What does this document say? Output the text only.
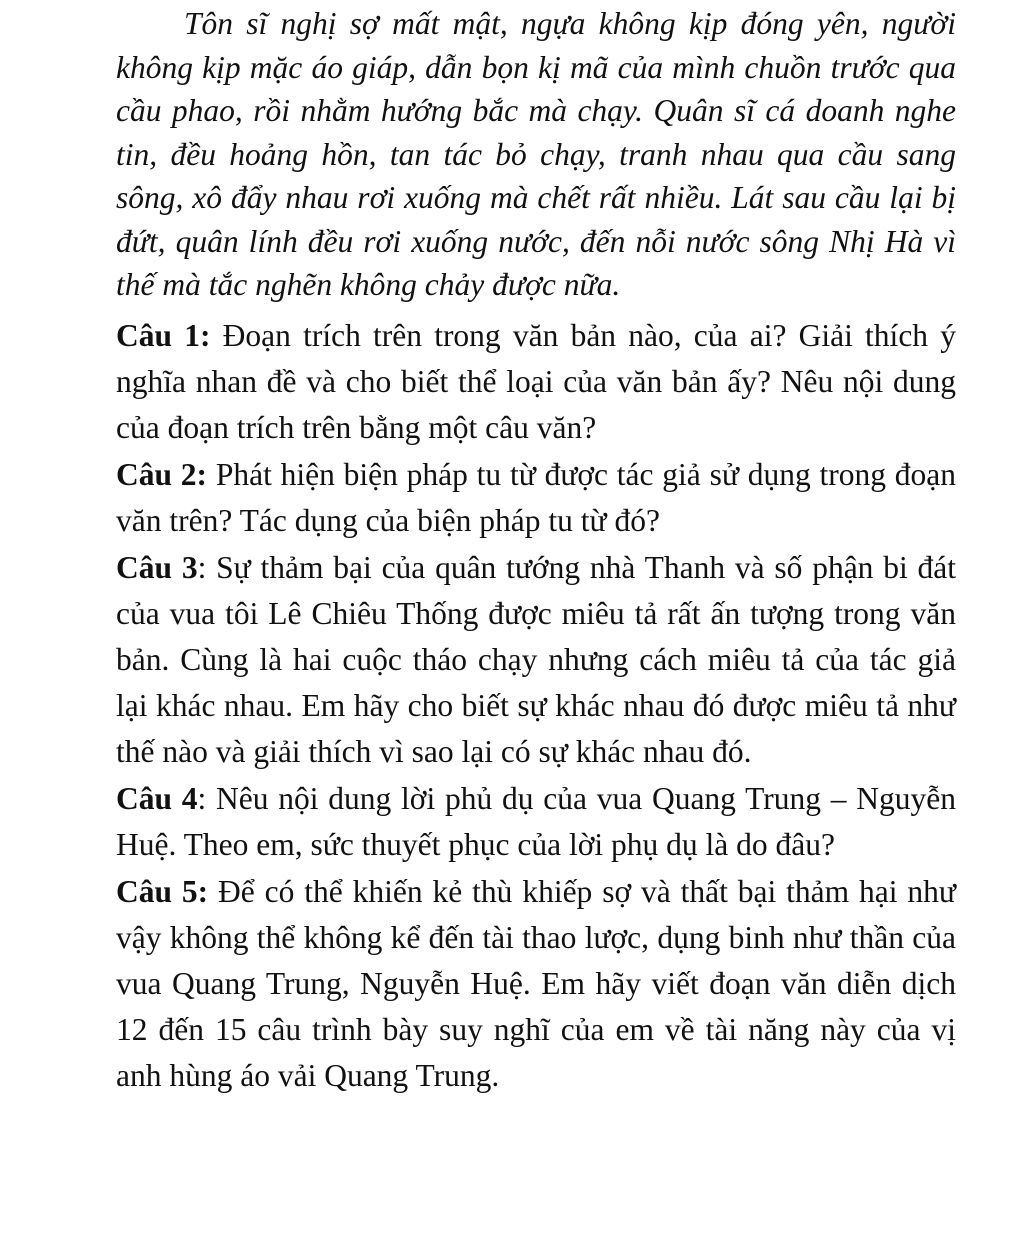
Tôn sĩ nghị sợ mất mật, ngựa không kịp đóng yên, người không kịp mặc áo giáp, dẫn bọn kị mã của mình chuồn trước qua cầu phao, rồi nhằm hướng bắc mà chạy. Quân sĩ cá doanh nghe tin, đều hoảng hồn, tan tác bỏ chạy, tranh nhau qua cầu sang sông, xô đẩy nhau rơi xuống mà chết rất nhiều. Lát sau cầu lại bị đứt, quân lính đều rơi xuống nước, đến nỗi nước sông Nhị Hà vì thế mà tắc nghẽn không chảy được nữa.

Câu 1: Đoạn trích trên trong văn bản nào, của ai? Giải thích ý nghĩa nhan đề và cho biết thể loại của văn bản ấy? Nêu nội dung của đoạn trích trên bằng một câu văn?

Câu 2: Phát hiện biện pháp tu từ được tác giả sử dụng trong đoạn văn trên? Tác dụng của biện pháp tu từ đó?

Câu 3: Sự thảm bại của quân tướng nhà Thanh và số phận bi đát của vua tôi Lê Chiêu Thống được miêu tả rất ấn tượng trong văn bản. Cùng là hai cuộc tháo chạy nhưng cách miêu tả của tác giả lại khác nhau. Em hãy cho biết sự khác nhau đó được miêu tả như thế nào và giải thích vì sao lại có sự khác nhau đó.

Câu 4: Nêu nội dung lời phủ dụ của vua Quang Trung – Nguyễn Huệ. Theo em, sức thuyết phục của lời phụ dụ là do đâu?

Câu 5: Để có thể khiến kẻ thù khiếp sợ và thất bại thảm hại như vậy không thể không kể đến tài thao lược, dụng binh như thần của vua Quang Trung, Nguyễn Huệ. Em hãy viết đoạn văn diễn dịch 12 đến 15 câu trình bày suy nghĩ của em về tài năng này của vị anh hùng áo vải Quang Trung.
